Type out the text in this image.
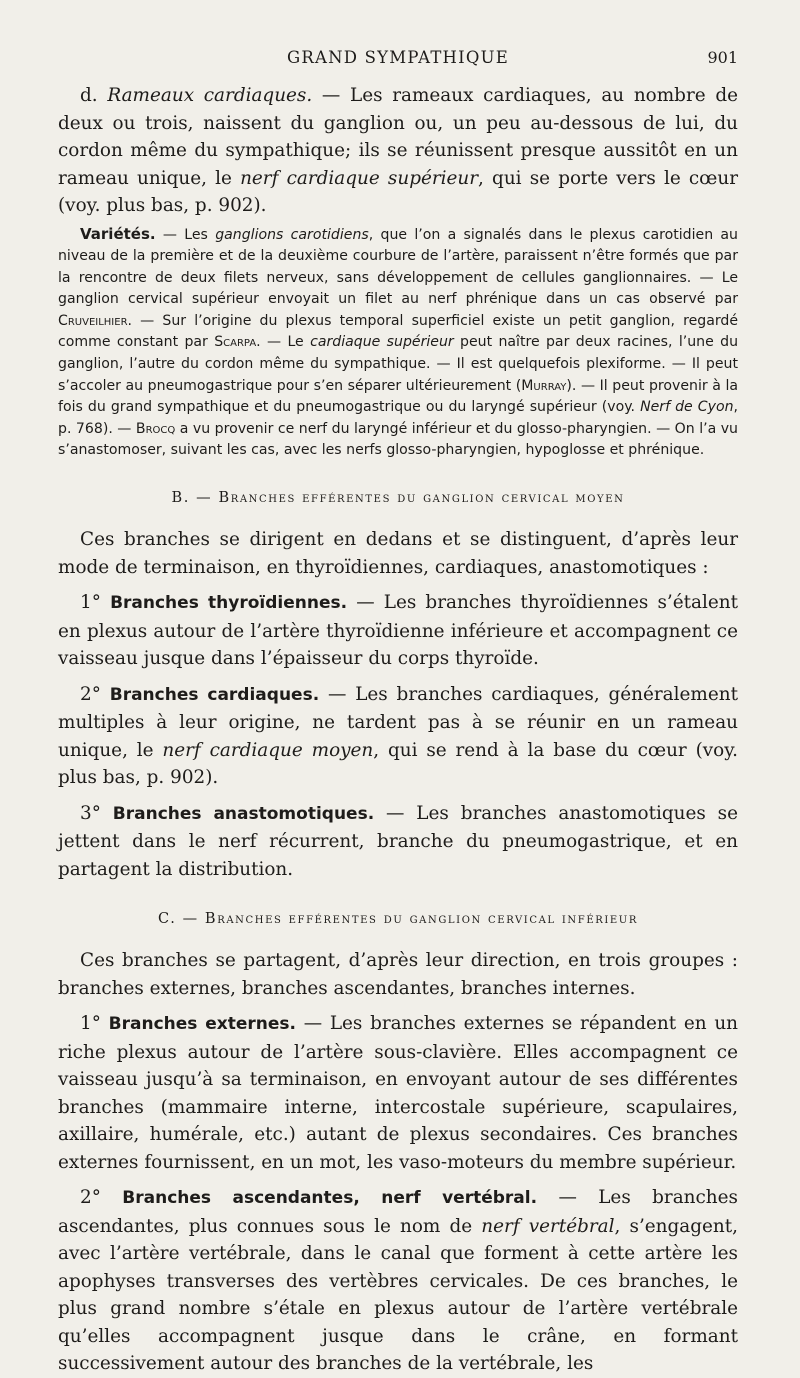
GRAND SYMPATHIQUE	901

d. Rameaux cardiaques. — Les rameaux cardiaques, au nombre de deux ou trois, naissent du ganglion ou, un peu au-dessous de lui, du cordon même du sympathique; ils se réunissent presque aussitôt en un rameau unique, le nerf cardiaque supérieur, qui se porte vers le cœur (voy. plus bas, p. 902).

Variétés. — Les ganglions carotidiens, que l’on a signalés dans le plexus carotidien au niveau de la première et de la deuxième courbure de l’artère, paraissent n’être formés que par la rencontre de deux filets nerveux, sans développement de cellules ganglionnaires. — Le ganglion cervical supérieur envoyait un filet au nerf phrénique dans un cas observé par Cruveilhier. — Sur l’origine du plexus temporal superficiel existe un petit ganglion, regardé comme constant par Scarpa. — Le cardiaque supérieur peut naître par deux racines, l’une du ganglion, l’autre du cordon même du sympathique. — Il est quelquefois plexiforme. — Il peut s’accoler au pneumogastrique pour s’en séparer ultérieurement (Murray). — Il peut provenir à la fois du grand sympathique et du pneumogastrique ou du laryngé supérieur (voy. Nerf de Cyon, p. 768). — Brocq a vu provenir ce nerf du laryngé inférieur et du glosso-pharyngien. — On l’a vu s’anastomoser, suivant les cas, avec les nerfs glosso-pharyngien, hypoglosse et phrénique.

B. — Branches efférentes du ganglion cervical moyen

Ces branches se dirigent en dedans et se distinguent, d’après leur mode de terminaison, en thyroïdiennes, cardiaques, anastomotiques :

1° Branches thyroïdiennes. — Les branches thyroïdiennes s’étalent en plexus autour de l’artère thyroïdienne inférieure et accompagnent ce vaisseau jusque dans l’épaisseur du corps thyroïde.

2° Branches cardiaques. — Les branches cardiaques, généralement multiples à leur origine, ne tardent pas à se réunir en un rameau unique, le nerf cardiaque moyen, qui se rend à la base du cœur (voy. plus bas, p. 902).

3° Branches anastomotiques. — Les branches anastomotiques se jettent dans le nerf récurrent, branche du pneumogastrique, et en partagent la distribution.

C. — Branches efférentes du ganglion cervical inférieur

Ces branches se partagent, d’après leur direction, en trois groupes : branches externes, branches ascendantes, branches internes.

1° Branches externes. — Les branches externes se répandent en un riche plexus autour de l’artère sous-clavière. Elles accompagnent ce vaisseau jusqu’à sa terminaison, en envoyant autour de ses différentes branches (mammaire interne, intercostale supérieure, scapulaires, axillaire, humérale, etc.) autant de plexus secondaires. Ces branches externes fournissent, en un mot, les vaso-moteurs du membre supérieur.

2° Branches ascendantes, nerf vertébral. — Les branches ascendantes, plus connues sous le nom de nerf vertébral, s’engagent, avec l’artère vertébrale, dans le canal que forment à cette artère les apophyses transverses des vertèbres cervicales. De ces branches, le plus grand nombre s’étale en plexus autour de l’artère vertébrale qu’elles accompagnent jusque dans le crâne, en formant successivement autour des branches de la vertébrale, les
